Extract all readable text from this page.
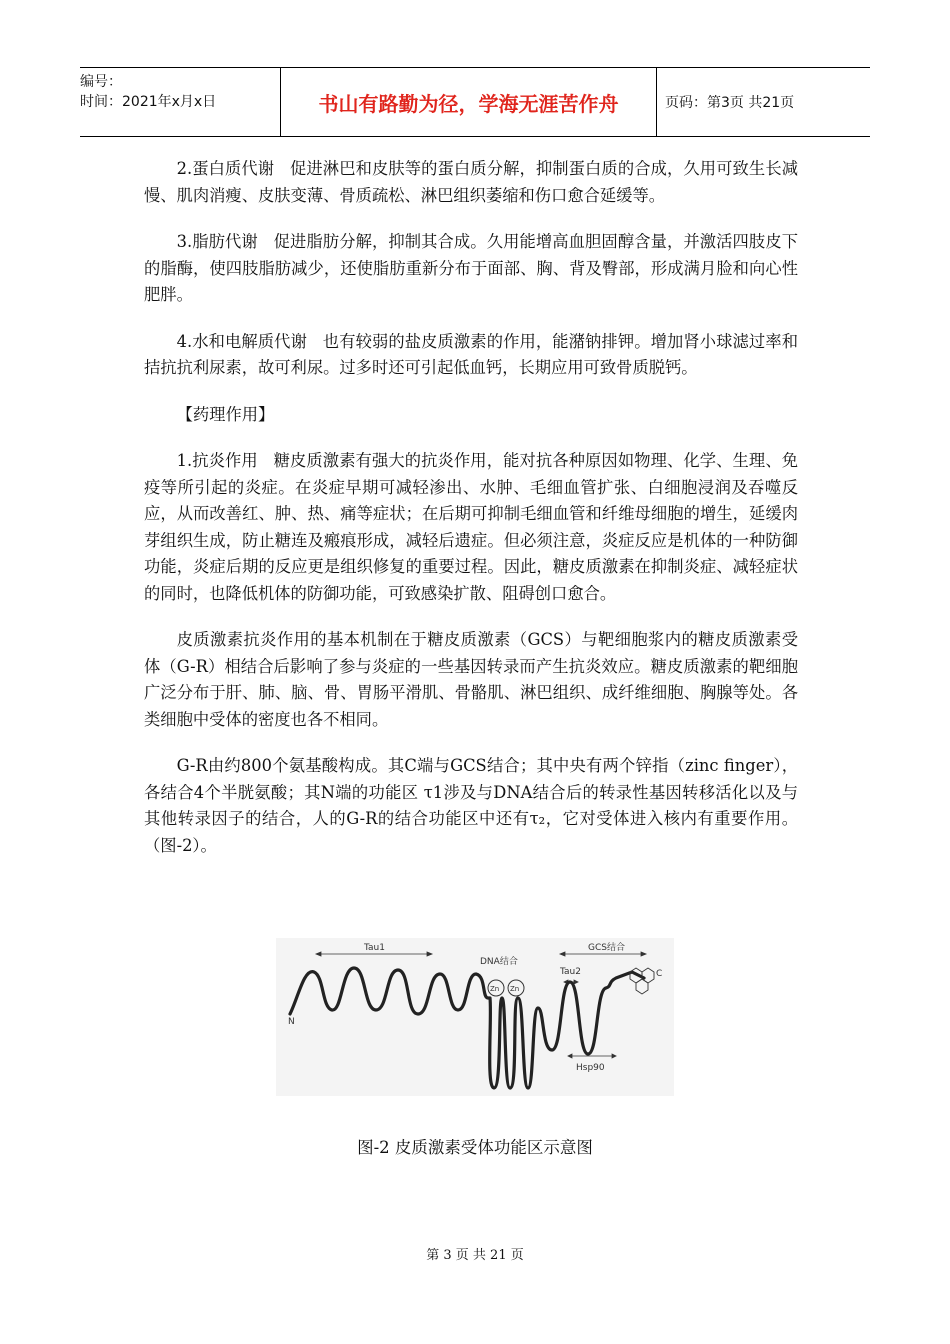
编号：
时间：2021年x月x日	书山有路勤为径，学海无涯苦作舟	页码：第3页 共21页

2.蛋白质代谢   促进淋巴和皮肤等的蛋白质分解，抑制蛋白质的合成，久用可致生长减慢、肌肉消瘦、皮肤变薄、骨质疏松、淋巴组织萎缩和伤口愈合延缓等。

3.脂肪代谢   促进脂肪分解，抑制其合成。久用能增高血胆固醇含量，并激活四肢皮下的脂酶，使四肢脂肪减少，还使脂肪重新分布于面部、胸、背及臀部，形成满月脸和向心性肥胖。

4.水和电解质代谢   也有较弱的盐皮质激素的作用，能潴钠排钾。增加肾小球滤过率和拮抗抗利尿素，故可利尿。过多时还可引起低血钙，长期应用可致骨质脱钙。

【药理作用】

1.抗炎作用   糖皮质激素有强大的抗炎作用，能对抗各种原因如物理、化学、生理、免疫等所引起的炎症。在炎症早期可减轻渗出、水肿、毛细血管扩张、白细胞浸润及吞噬反应，从而改善红、肿、热、痛等症状；在后期可抑制毛细血管和纤维母细胞的增生，延缓肉芽组织生成，防止糖连及瘢痕形成，减轻后遗症。但必须注意，炎症反应是机体的一种防御功能，炎症后期的反应更是组织修复的重要过程。因此，糖皮质激素在抑制炎症、减轻症状的同时，也降低机体的防御功能，可致感染扩散、阻碍创口愈合。

皮质激素抗炎作用的基本机制在于糖皮质激素（GCS）与靶细胞浆内的糖皮质激素受体（G-R）相结合后影响了参与炎症的一些基因转录而产生抗炎效应。糖皮质激素的靶细胞广泛分布于肝、肺、脑、骨、胃肠平滑肌、骨骼肌、淋巴组织、成纤维细胞、胸腺等处。各类细胞中受体的密度也各不相同。

G-R由约800个氨基酸构成。其C端与GCS结合；其中央有两个锌指（zinc finger），各结合4个半胱氨酸；其N端的功能区 τ1涉及与DNA结合后的转录性基因转移活化以及与其他转录因子的结合，人的G-R的结合功能区中还有τ₂，它对受体进入核内有重要作用。（图-2）。

Tau1
DNA结合
GCS结合
Tau2
N
C
Hsp90
Zn Zn
图-2 皮质激素受体功能区示意图
第 3 页 共 21 页
